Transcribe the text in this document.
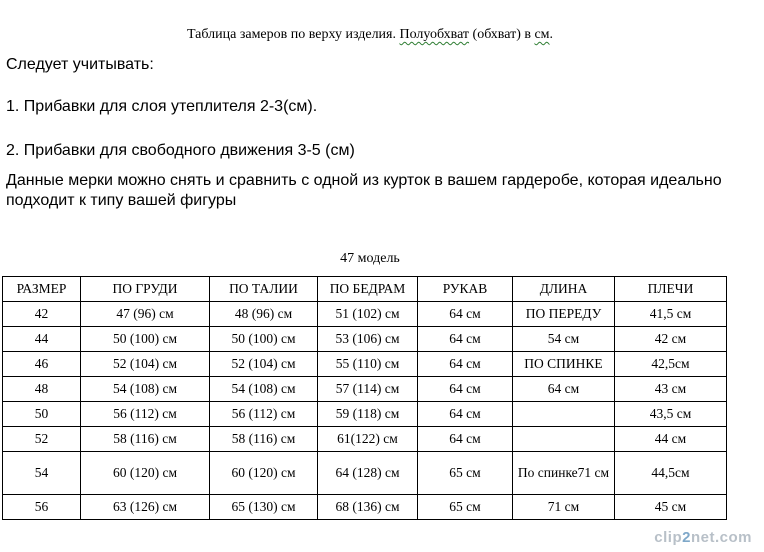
Таблица замеров по верху изделия. Полуобхват (обхват) в см.
Следует учитывать:
1. Прибавки для слоя утеплителя 2-3(см).
2. Прибавки для свободного движения 3-5 (см)
Данные мерки можно снять и сравнить с одной из курток в вашем гардеробе, которая идеально подходит к типу вашей фигуры
47 модель
РАЗМЕР	ПО ГРУДИ	ПО ТАЛИИ	ПО БЕДРАМ	РУКАВ	ДЛИНА	ПЛЕЧИ
42	47 (96) см	48 (96) см	51 (102) см	64 см	ПО ПЕРЕДУ	41,5 см
44	50 (100) см	50 (100) см	53 (106) см	64 см	54 см	42 см
46	52 (104) см	52 (104) см	55 (110) см	64 см	ПО СПИНКЕ	42,5см
48	54 (108) см	54 (108) см	57 (114) см	64 см	64 см	43 см
50	56 (112) см	56 (112) см	59 (118) см	64 см		43,5 см
52	58 (116) см	58 (116) см	61(122) см	64 см		44 см
54	60 (120) см	60 (120) см	64 (128) см	65 см	По спинке71 см	44,5см
56	63 (126) см	65 (130) см	68 (136) см	65 см	71 см	45 см
clip2net.com
